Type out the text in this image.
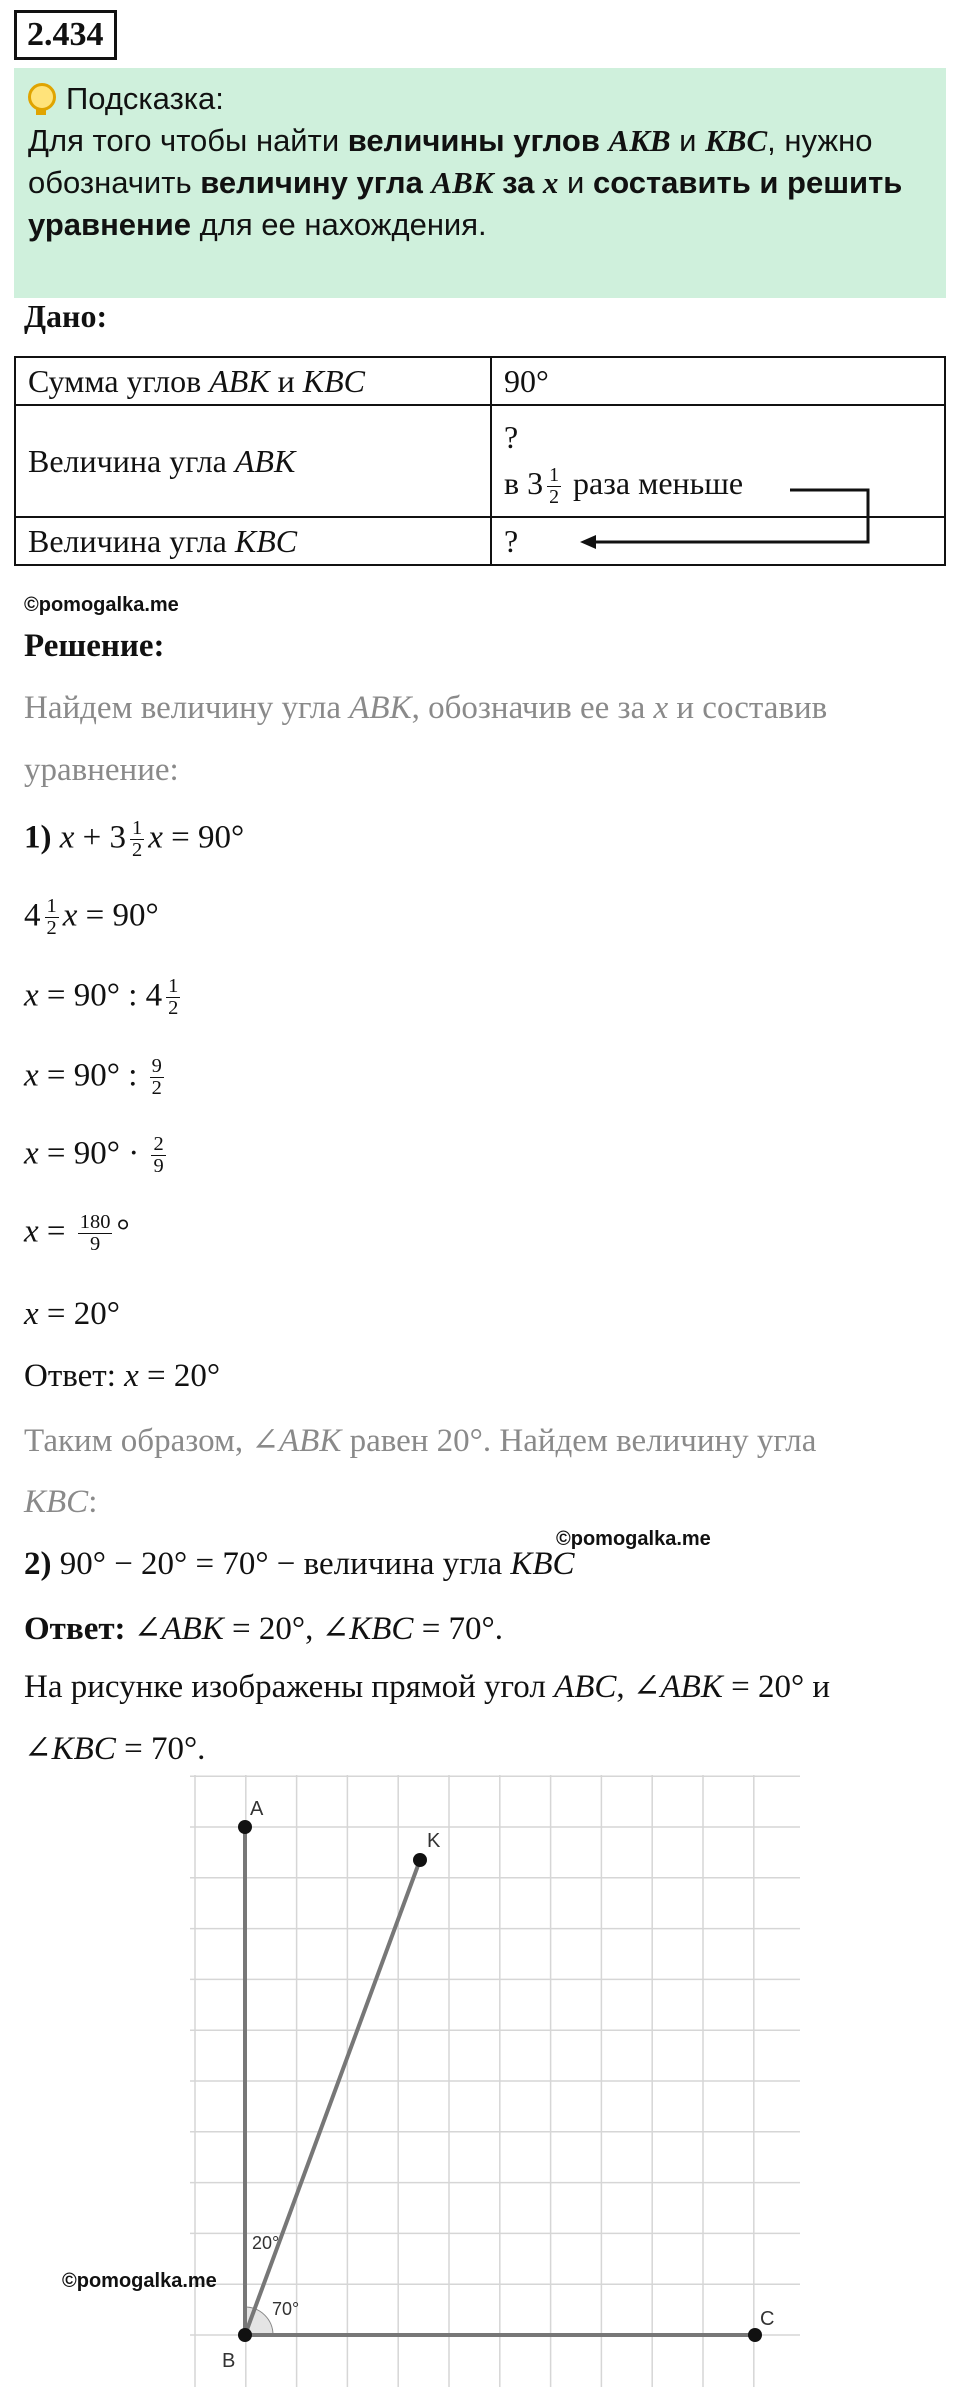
2.434
Подсказка:
Для того чтобы найти величины углов AKB и KBC, нужно обозначить величину угла ABK за x и составить и решить уравнение для ее нахождения.
Дано:
Сумма углов ABK и KBC	90°
Величина угла ABK	?
в $3 \frac{1}{2}$ раза меньше

Величина угла KBC	?
©pomogalka.me
Решение:
Найдем величину угла ABK, обозначив ее за x и составив
уравнение:
1) $x + 3 \frac{1}{2}$ x = 90°
$4 \frac{1}{2}$ x = 90°
x = 90° : $4 \frac{1}{2}$
x = 90° : $\frac{9}{2}$
$x = 90^\circ \cdot \frac{2}{9}$
$x = \frac{180}{9}$ °
x = 20°
Ответ: x = 20°
Таким образом, ∠ABK равен 20°. Найдем величину угла
KBC:
©pomogalka.me
2) 90° − 20° = 70° − величина угла KBC
Ответ: ∠ABK = 20°, ∠KBC = 70°.
На рисунке изображены прямой угол ABC, ∠ABK = 20° и
∠KBC = 70°.
A
K
B
C
20°
70°
©pomogalka.me
